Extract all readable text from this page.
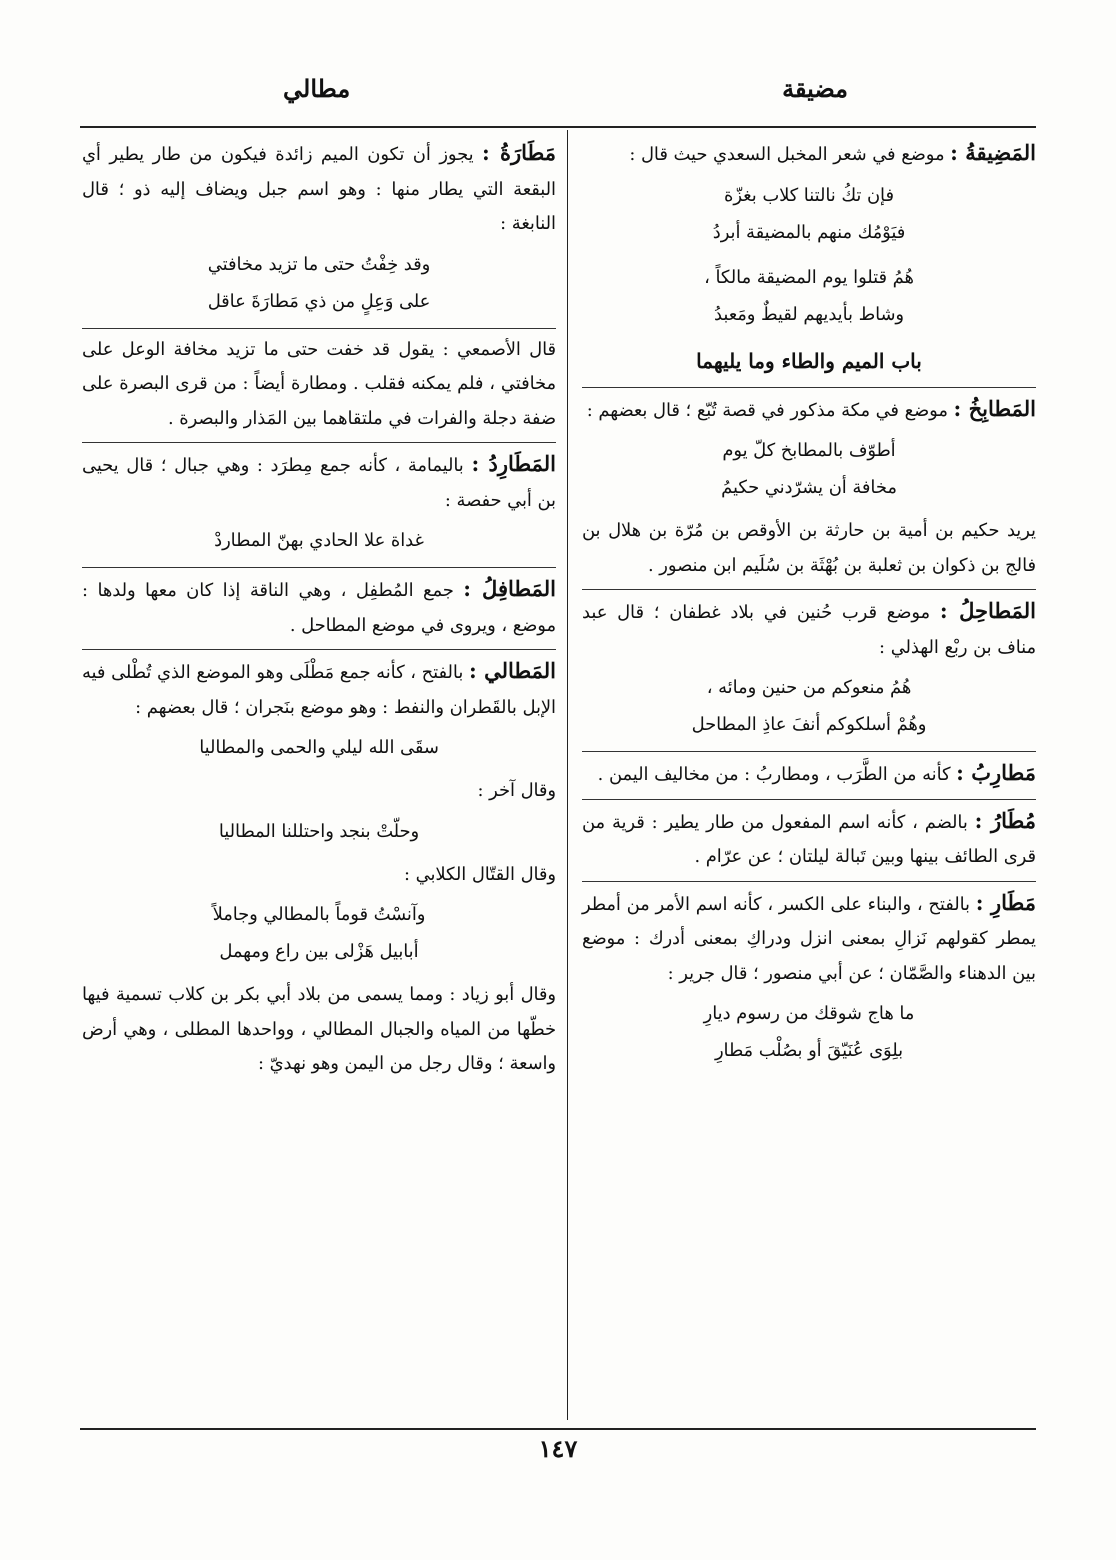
مضيقة
مطالي
المَضِيقةُ : موضع في شعر المخبل السعدي حيث قال :
فإن تكُ نالتنا كلاب بغزّة
فيَوْمُك منهم بالمضيقة أبردُ
هُمُ قتلوا يوم المضيقة مالكاً ،
وشاط بأيديهم لقيطٌ ومَعبدُ
باب الميم والطاء وما يليهما
المَطابِخُ : موضع في مكة مذكور في قصة تُبّع ؛ قال بعضهم :
أطوّف بالمطابخ كلّ يوم
مخافة أن يشرّدني حكيمُ
يريد حكيم بن أمية بن حارثة بن الأوقص بن مُرّة بن هلال بن فالج بن ذكوان بن ثعلبة بن بُهْثَة بن سُلَيم ابن منصور .
المَطاحِلُ : موضع قرب حُنين في بلاد غطفان ؛ قال عبد مناف بن ربْع الهذلي :
هُمُ منعوكم من حنين ومائه ،
وهُمْ أسلكوكم أنفَ عاذِ المطاحل
مَطارِبُ : كأنه من الطَّرَب ، ومطاربُ : من مخاليف اليمن .
مُطَارُ : بالضم ، كأنه اسم المفعول من طار يطير : قرية من قرى الطائف بينها وبين تَبالة ليلتان ؛ عن عرّام .
مَطَارِ : بالفتح ، والبناء على الكسر ، كأنه اسم الأمر من أمطر يمطر كقولهم نَزالِ بمعنى انزل ودراكِ بمعنى أدرك : موضع بين الدهناء والصَّمّان ؛ عن أبي منصور ؛ قال جرير :
ما هاج شوقك من رسوم ديارِ
بلِوَى عُنَيّقَ أو بصُلْب مَطارِ
مَطَارَةُ : يجوز أن تكون الميم زائدة فيكون من طار يطير أي البقعة التي يطار منها : وهو اسم جبل ويضاف إليه ذو ؛ قال النابغة :
وقد خِفْتُ حتى ما تزيد مخافتي
على وَعِلٍ من ذي مَطارَةَ عاقل
قال الأصمعي : يقول قد خفت حتى ما تزيد مخافة الوعل على مخافتي ، فلم يمكنه فقلب . ومطارة أيضاً : من قرى البصرة على ضفة دجلة والفرات في ملتقاهما بين المَذار والبصرة .
المَطَارِدُ : باليمامة ، كأنه جمع مِطرَد : وهي جبال ؛ قال يحيى بن أبي حفصة :
غداة علا الحادي بهنّ المطاردْ
المَطافِلُ : جمع المُطفِل ، وهي الناقة إذا كان معها ولدها : موضع ، ويروى في موضع المطاحل .
المَطالي : بالفتح ، كأنه جمع مَطْلَى وهو الموضع الذي تُطْلى فيه الإبل بالقَطران والنفط : وهو موضع بنَجران ؛ قال بعضهم :
سقَى الله ليلي والحمى والمطاليا
وقال آخر :
وحلّتْ بنجد واحتللنا المطاليا
وقال القتّال الكلابي :
وآنسْتُ قوماً بالمطالي وجاملاً
أبابيل هَزْلى بين راع ومهمل
وقال أبو زياد : ومما يسمى من بلاد أبي بكر بن كلاب تسمية فيها خطّها من المياه والجبال المطالي ، وواحدها المطلى ، وهي أرض واسعة ؛ وقال رجل من اليمن وهو نهديّ :
١٤٧
